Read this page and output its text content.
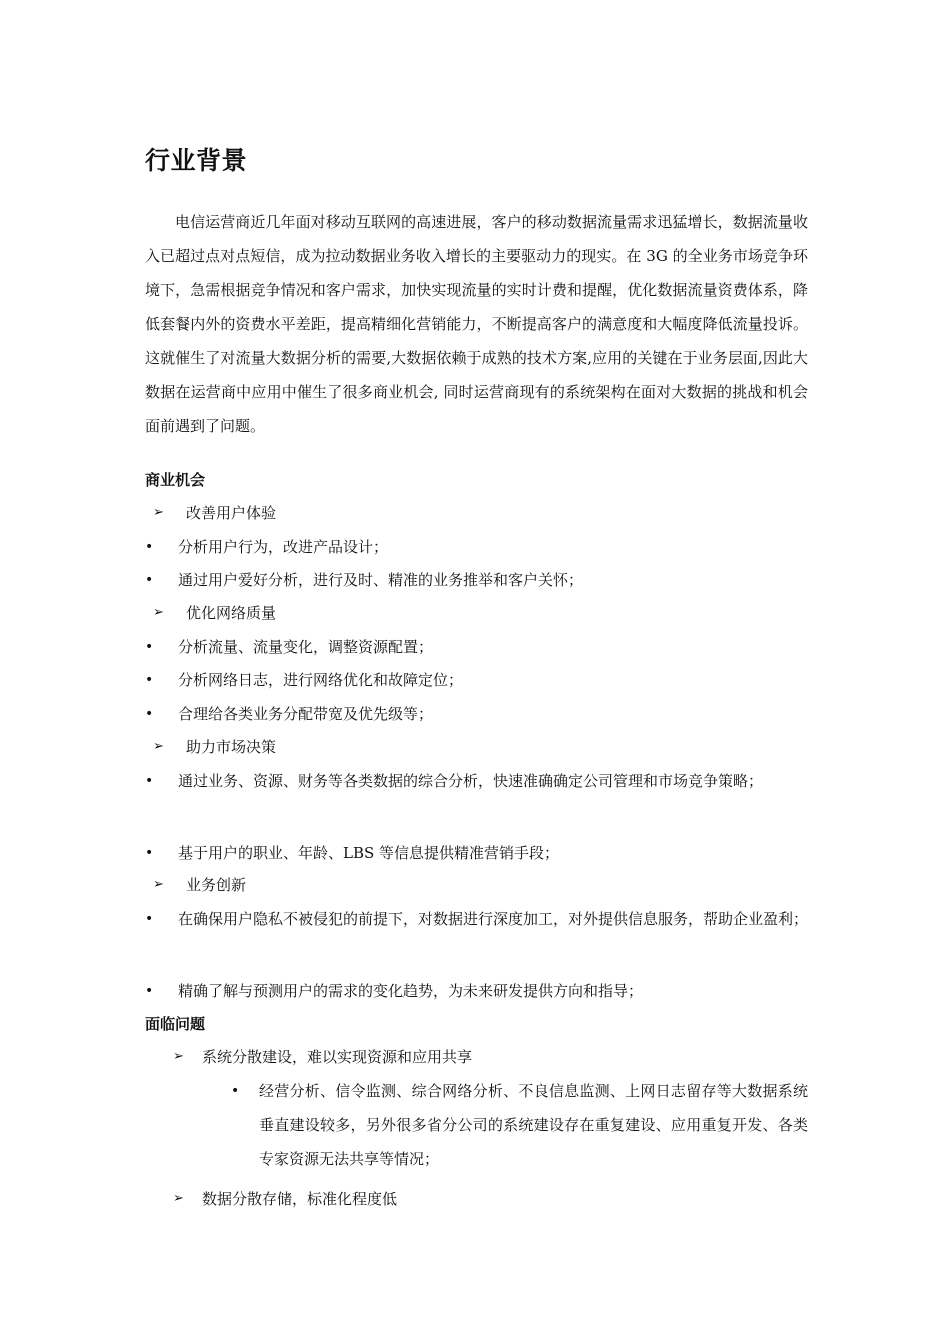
行业背景

电信运营商近几年面对移动互联网的高速进展，客户的移动数据流量需求迅猛增长，数据流量收入已超过点对点短信，成为拉动数据业务收入增长的主要驱动力的现实。在 3G 的全业务市场竞争环境下，急需根据竞争情况和客户需求，加快实现流量的实时计费和提醒，优化数据流量资费体系，降低套餐内外的资费水平差距，提高精细化营销能力，不断提高客户的满意度和大幅度降低流量投诉。这就催生了对流量大数据分析的需要,大数据依赖于成熟的技术方案,应用的关键在于业务层面,因此大数据在运营商中应用中催生了很多商业机会, 同时运营商现有的系统架构在面对大数据的挑战和机会面前遇到了问题。

商业机会
➢ 改善用户体验
• 分析用户行为，改进产品设计；
• 通过用户爱好分析，进行及时、精准的业务推举和客户关怀；
➢ 优化网络质量
• 分析流量、流量变化，调整资源配置；
• 分析网络日志，进行网络优化和故障定位；
• 合理给各类业务分配带宽及优先级等；
➢ 助力市场决策
•	通过业务、资源、财务等各类数据的综合分析，快速准确确定公司管理和市场竞争策略；
• 基于用户的职业、年龄、LBS 等信息提供精准营销手段；
➢ 业务创新
•	在确保用户隐私不被侵犯的前提下，对数据进行深度加工，对外提供信息服务，帮助企业盈利；
• 精确了解与预测用户的需求的变化趋势，为未来研发提供方向和指导；
面临问题
➢ 系统分散建设，难以实现资源和应用共享
• 经营分析、信令监测、综合网络分析、不良信息监测、上网日志留存等大数据系统垂直建设较多，另外很多省分公司的系统建设存在重复建设、应用重复开发、各类专家资源无法共享等情况；
➢ 数据分散存储，标准化程度低
